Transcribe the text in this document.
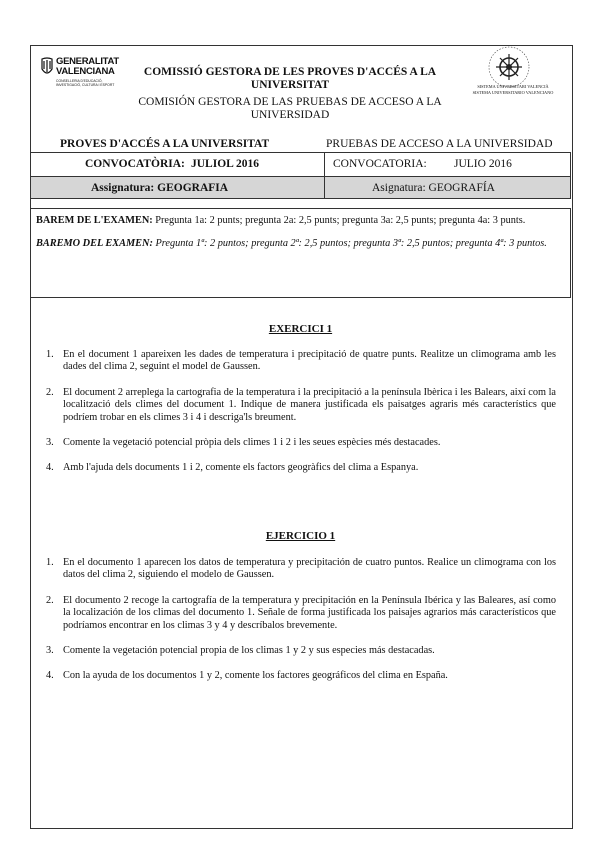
GENERALITAT
VALENCIANA
CONSELLERIA D'EDUCACIÓ,
INVESTIGACIÓ, CULTURA I ESPORT
COMISSIÓ GESTORA DE LES PROVES D'ACCÉS A LA UNIVERSITAT
COMISIÓN GESTORA DE LAS PRUEBAS DE ACCESO A LA UNIVERSIDAD
SISTEMA UNIVERSITARI VALENCIÀ
SISTEMA UNIVERSITARIO VALENCIANO
PROVES D'ACCÉS A LA UNIVERSITAT	PRUEBAS DE ACCESO A LA UNIVERSIDAD
CONVOCATÒRIA: JULIOL 2016	CONVOCATORIA: JULIO 2016
Assignatura: GEOGRAFIA	Asignatura: GEOGRAFÍA

BAREM DE L'EXAMEN: Pregunta 1a: 2 punts; pregunta 2a: 2,5 punts; pregunta 3a: 2,5 punts; pregunta 4a: 3 punts.

BAREMO DEL EXAMEN: Pregunta 1ª: 2 puntos; pregunta 2ª: 2,5 puntos; pregunta 3ª: 2,5 puntos; pregunta 4ª: 3 puntos.

EXERCICI 1
1. En el document 1 apareixen les dades de temperatura i precipitació de quatre punts. Realitze un climograma amb les dades del clima 2, seguint el model de Gaussen.
2. El document 2 arreplega la cartografia de la temperatura i la precipitació a la península Ibèrica i les Balears, així com la localització dels climes del document 1. Indique de manera justificada els paisatges agraris més característics que podríem trobar en els climes 3 i 4 i descriga'ls breument.
3. Comente la vegetació potencial pròpia dels climes 1 i 2 i les seues espècies més destacades.
4. Amb l'ajuda dels documents 1 i 2, comente els factors geogràfics del clima a Espanya.
EJERCICIO 1
1. En el documento 1 aparecen los datos de temperatura y precipitación de cuatro puntos. Realice un climograma con los datos del clima 2, siguiendo el modelo de Gaussen.
2. El documento 2 recoge la cartografía de la temperatura y precipitación en la Península Ibérica y las Baleares, así como la localización de los climas del documento 1. Señale de forma justificada los paisajes agrarios más característicos que podríamos encontrar en los climas 3 y 4 y descríbalos brevemente.
3. Comente la vegetación potencial propia de los climas 1 y 2 y sus especies más destacadas.
4. Con la ayuda de los documentos 1 y 2, comente los factores geográficos del clima en España.
